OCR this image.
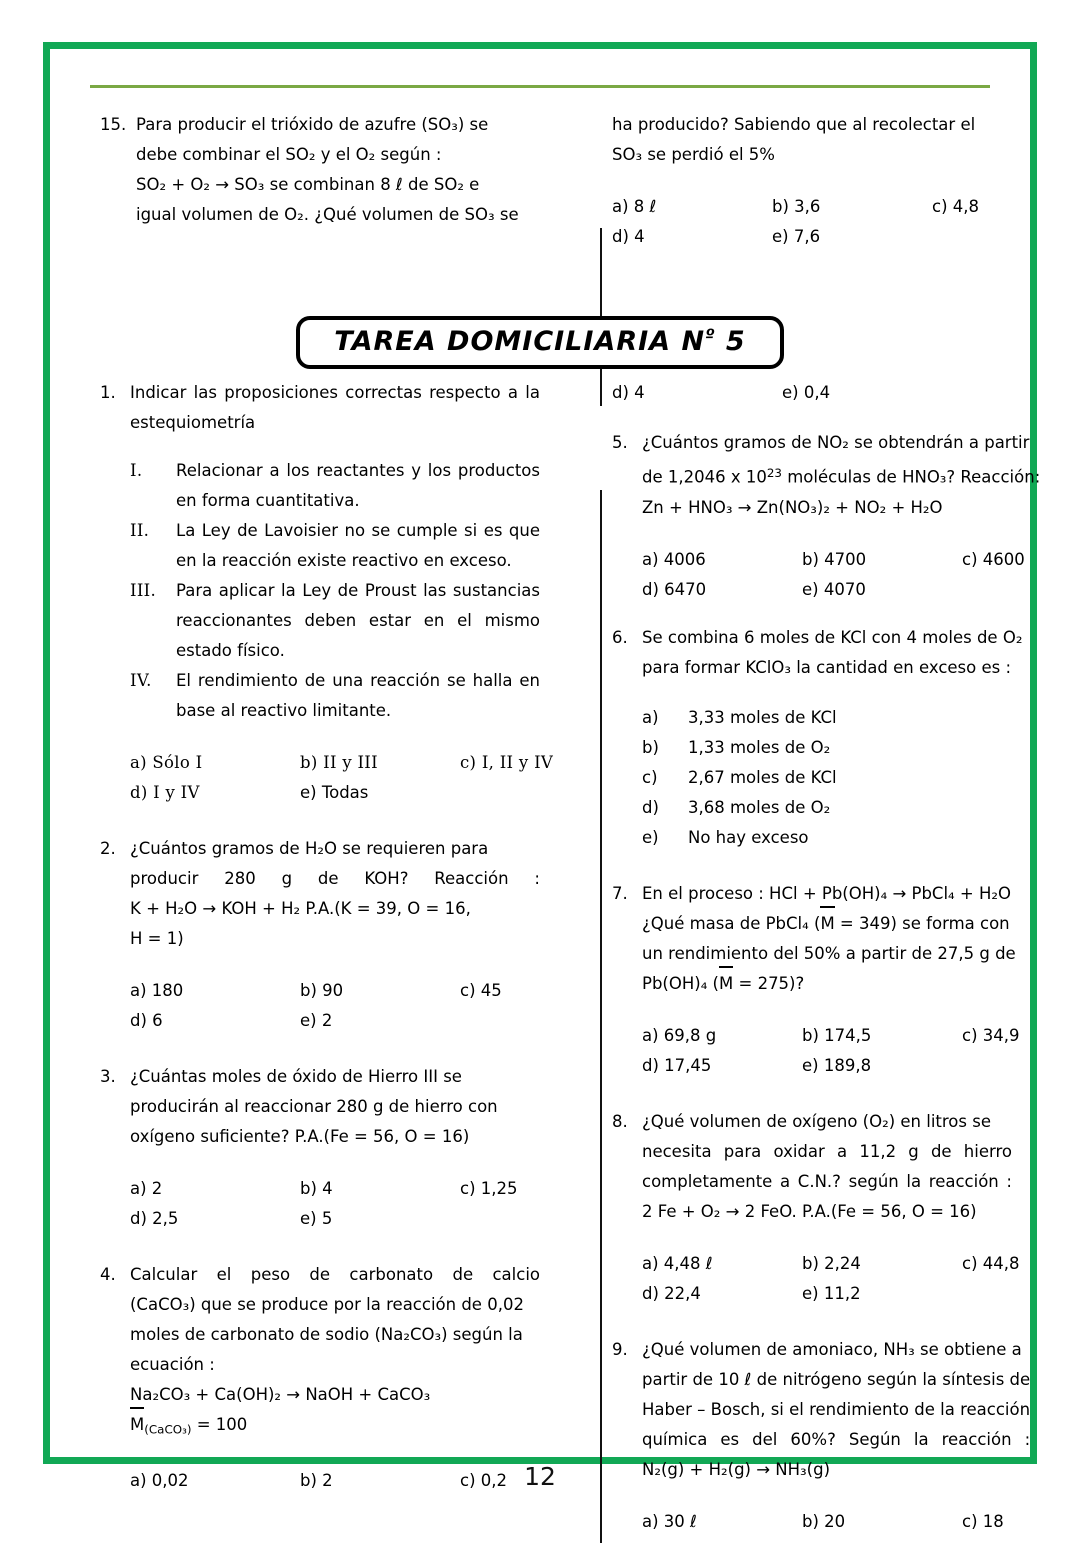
15. Para producir el trióxido de azufre (SO₃) se
debe combinar el SO₂ y el O₂ según :
SO₂ + O₂ → SO₃ se combinan 8 ℓ de SO₂ e
igual volumen de O₂. ¿Qué volumen de SO₃ se
ha producido? Sabiendo que al recolectar el
SO₃ se perdió el 5%
a) 8 ℓ	b) 3,6	c) 4,8
d) 4	e) 7,6
TAREA DOMICILIARIA $N^º$ 5
1. Indicar las proposiciones correctas respecto a la estequiometría
I.	Relacionar a los reactantes y los productos en forma cuantitativa.
II.	La Ley de Lavoisier no se cumple si es que en la reacción existe reactivo en exceso.
III.	Para aplicar la Ley de Proust las sustancias reaccionantes deben estar en el mismo estado físico.
IV.	El rendimiento de una reacción se halla en base al reactivo limitante.
a) Sólo I	b) II y III	c) I, II y IV
d) I y IV	e) Todas
2. ¿Cuántos gramos de H₂O se requieren para
producir 280 g de KOH? Reacción :
K + H₂O → KOH + H₂ P.A.(K = 39, O = 16,
H = 1)
a) 180	b) 90	c) 45
d) 6	e) 2
3. ¿Cuántas moles de óxido de Hierro III se
producirán al reaccionar 280 g de hierro con
oxígeno suficiente? P.A.(Fe = 56, O = 16)
a) 2	b) 4	c) 1,25
d) 2,5	e) 5
4. Calcular el peso de carbonato de calcio
(CaCO₃) que se produce por la reacción de 0,02
moles de carbonato de sodio (Na₂CO₃) según la
ecuación :
Na₂CO₃ + Ca(OH)₂ → NaOH + CaCO₃
$M_{(CaCO_3)} = 100$
a) 0,02	b) 2	c) 0,2
d) 4	e) 0,4
5. ¿Cuántos gramos de NO₂ se obtendrán a partir
de 1,2046 x $10^{23}$ moléculas de HNO₃? Reacción:
Zn + HNO₃ → Zn(NO₃)₂ + NO₂ + H₂O
a) 4006	b) 4700	c) 4600
d) 6470	e) 4070
6. Se combina 6 moles de KCl con 4 moles de O₂
para formar KClO₃ la cantidad en exceso es :
a)	3,33 moles de KCl
b)	1,33 moles de O₂
c)	2,67 moles de KCl
d)	3,68 moles de O₂
e)	No hay exceso
7. En el proceso : HCl + Pb(OH)₄ → PbCl₄ + H₂O
¿Qué masa de PbCl₄ (M = 349) se forma con
un rendimiento del 50% a partir de 27,5 g de
Pb(OH)₄ (M = 275)?
a) 69,8 g	b) 174,5	c) 34,9
d) 17,45	e) 189,8
8. ¿Qué volumen de oxígeno (O₂) en litros se
necesita para oxidar a 11,2 g de hierro
completamente a C.N.? según la reacción :
2 Fe + O₂ → 2 FeO. P.A.(Fe = 56, O = 16)
a) 4,48 ℓ	b) 2,24	c) 44,8
d) 22,4	e) 11,2
9. ¿Qué volumen de amoniaco, NH₃ se obtiene a
partir de 10 ℓ de nitrógeno según la síntesis de
Haber – Bosch, si el rendimiento de la reacción
química es del 60%? Según la reacción :
N₂(g) + H₂(g) → NH₃(g)
a) 30 ℓ	b) 20	c) 18
12
